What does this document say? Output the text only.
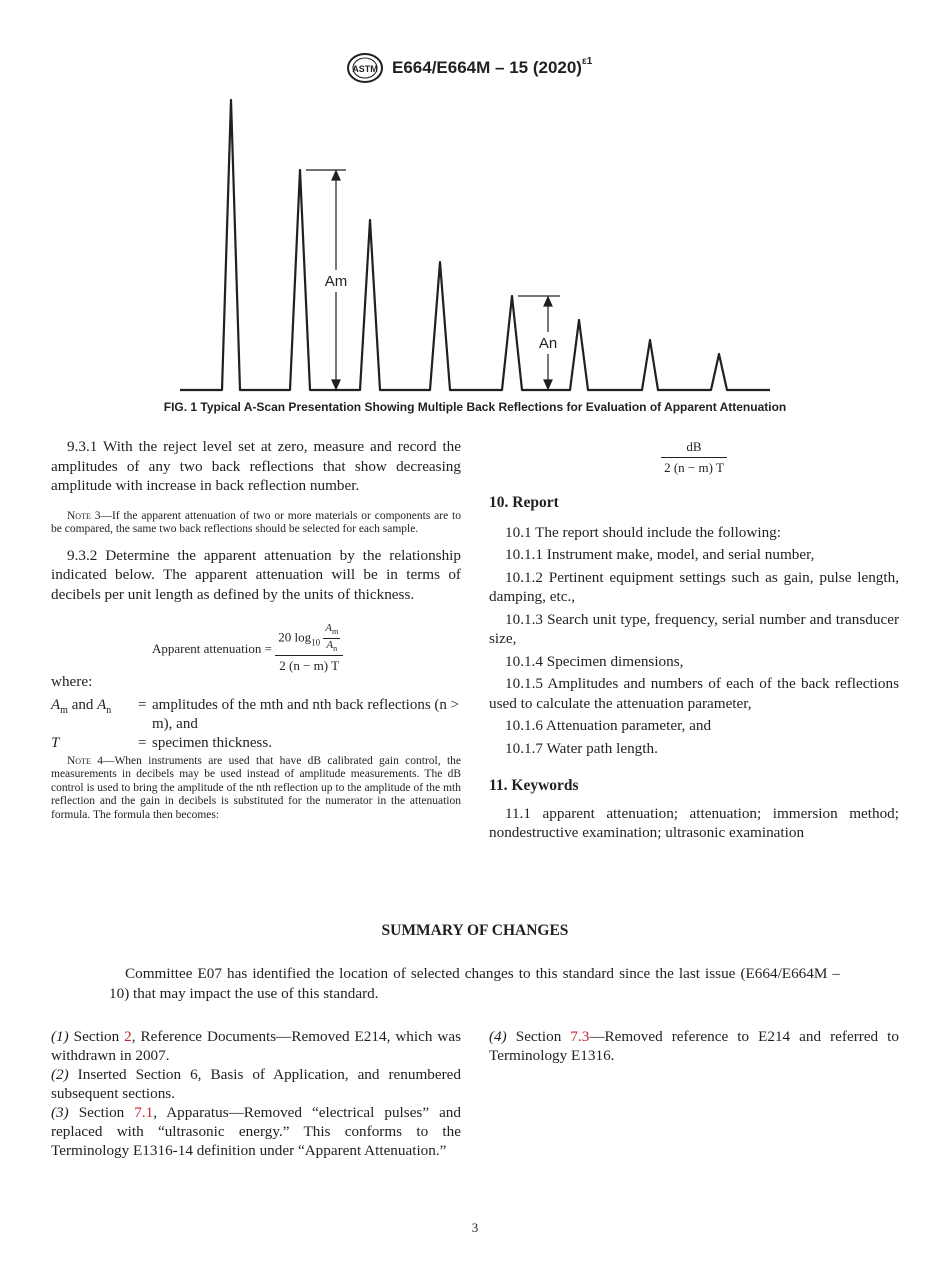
ASTM E664/E664M – 15 $(2020)^{\varepsilon 1}$
Am
An
FIG. 1 Typical A-Scan Presentation Showing Multiple Back Reflections for Evaluation of Apparent Attenuation

9.3.1 With the reject level set at zero, measure and record the amplitudes of any two back reflections that show decreasing amplitude with increase in back reflection number.

Note 3—If the apparent attenuation of two or more materials or components are to be compared, the same two back reflections should be selected for each sample.

9.3.2 Determine the apparent attenuation by the relationship indicated below. The apparent attenuation will be in terms of decibels per unit length as defined by the units of thickness.

Apparent attenuation = $\frac{20 \log_{10} \frac{A_m}{A_n}}{2 (n - m) T}$

where:

$A_m$ and $A_n$	=	amplitudes of the mth and nth back reflections (n > m), and
T	=	specimen thickness.

Note 4—When instruments are used that have dB calibrated gain control, the measurements in decibels may be used instead of amplitude measurements. The dB control is used to bring the amplitude of the nth reflection up to the amplitude of the mth reflection and the gain in decibels is substituted for the numerator in the attenuation formula. The formula then becomes:

$\frac{dB}{2 (n - m) T}$

10. Report

10.1 The report should include the following:

10.1.1 Instrument make, model, and serial number,

10.1.2 Pertinent equipment settings such as gain, pulse length, damping, etc.,

10.1.3 Search unit type, frequency, serial number and transducer size,

10.1.4 Specimen dimensions,

10.1.5 Amplitudes and numbers of each of the back reflections used to calculate the attenuation parameter,

10.1.6 Attenuation parameter, and

10.1.7 Water path length.

11. Keywords

11.1 apparent attenuation; attenuation; immersion method; nondestructive examination; ultrasonic examination

SUMMARY OF CHANGES

Committee E07 has identified the location of selected changes to this standard since the last issue (E664/E664M – 10) that may impact the use of this standard.

(1) Section 2, Reference Documents—Removed E214, which was withdrawn in 2007.

(2) Inserted Section 6, Basis of Application, and renumbered subsequent sections.

(3) Section 7.1, Apparatus—Removed “electrical pulses” and replaced with “ultrasonic energy.” This conforms to the Terminology E1316-14 definition under “Apparent Attenuation.”

(4) Section 7.3—Removed reference to E214 and referred to Terminology E1316.

3
